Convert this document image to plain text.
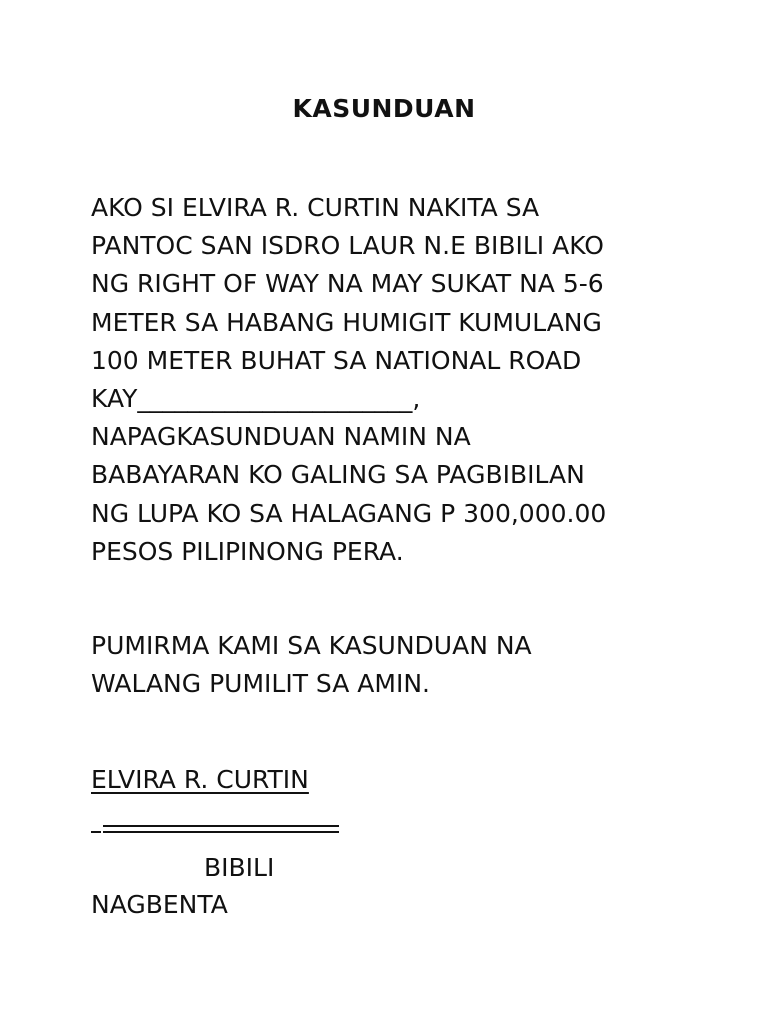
KASUNDUAN
AKO SI ELVIRA R. CURTIN NAKITA SA
PANTOC SAN ISDRO LAUR N.E BIBILI AKO
NG RIGHT OF WAY NA MAY SUKAT NA 5-6
METER SA HABANG HUMIGIT KUMULANG
100 METER BUHAT SA NATIONAL ROAD
KAY______________________,
NAPAGKASUNDUAN NAMIN NA
BABAYARAN KO GALING SA PAGBIBILAN
NG LUPA KO SA HALAGANG P 300,000.00
PESOS PILIPINONG PERA.
PUMIRMA KAMI SA KASUNDUAN NA
WALANG PUMILIT SA AMIN.
ELVIRA R. CURTIN
BIBILI
NAGBENTA
